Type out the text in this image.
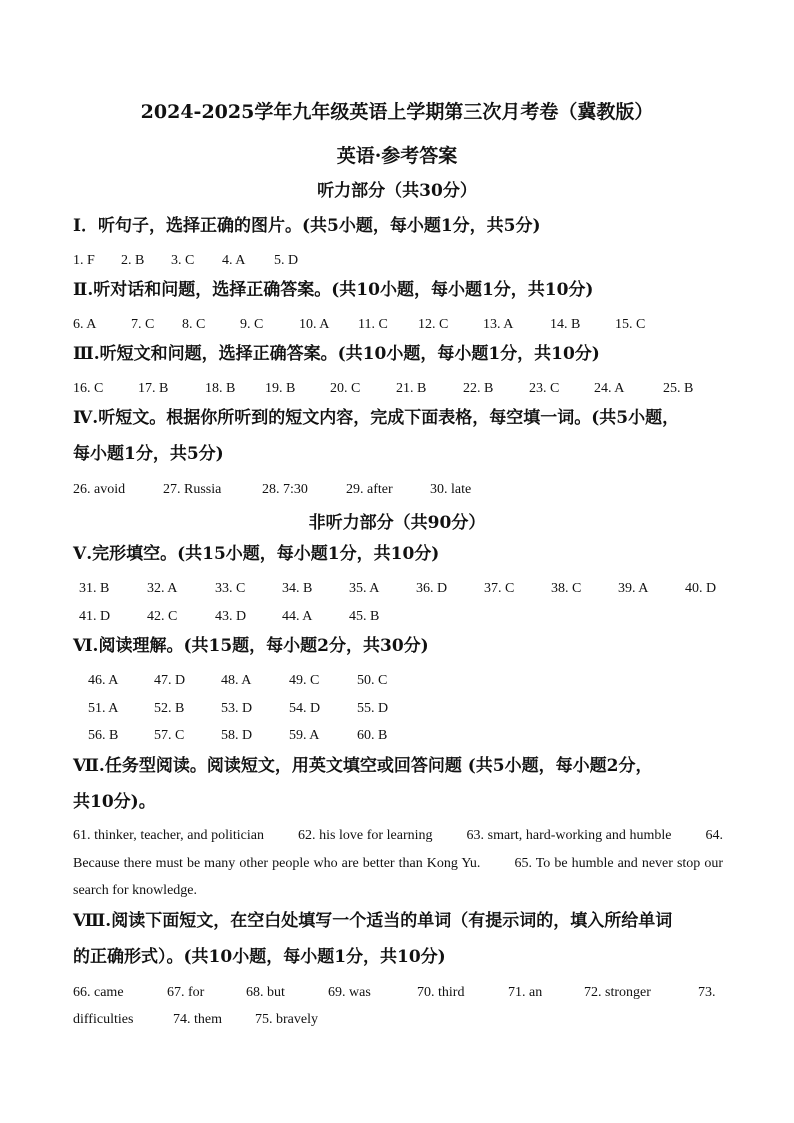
2024-2025学年九年级英语上学期第三次月考卷（冀教版）
英语·参考答案
听力部分（共30分）
Ⅰ．听句子，选择正确的图片。(共5小题，每小题1分，共5分)
1. F 2. B 3. C 4. A 5. D
Ⅱ.听对话和问题，选择正确答案。(共10小题，每小题1分，共10分)
6. A 7. C 8. C 9. C	10. A 11. C 12. C 13. A	14. B 15. C
Ⅲ.听短文和问题，选择正确答案。(共10小题，每小题1分，共10分)
16. C 17. B	18. B 19. B 20. C	21. B	22. B	23. C 24. A	25. B
Ⅳ.听短文。根据你所听到的短文内容，完成下面表格，每空填一词。(共5小题，
每小题1分，共5分)
26. avoid	27. Russia	28. 7:30	29. after	30. late
非听力部分（共90分）
Ⅴ.完形填空。(共15小题，每小题1分，共10分)
31. B	32. A	33. C	34. B	35. A	36. D	37. C	38. C	39. A	40. D
41. D	42. C	43. D	44. A	45. B
Ⅵ.阅读理解。(共15题，每小题2分，共30分)
46. A	47. D	48. A	49. C	50. C
51. A	52. B	53. D	54. D	55. D
56. B	57. C	58. D	59. A	60. B
Ⅶ.任务型阅读。阅读短文，用英文填空或回答问题 (共5小题，每小题2分，
共10分)。
61. thinker, teacher, and politician 62. his love for learning 63. smart, hard-working and humble 64. Because there must be many other people who are better than Kong Yu. 65. To be humble and never stop our search for knowledge.
Ⅷ.阅读下面短文，在空白处填写一个适当的单词（有提示词的，填入所给单词
的正确形式）。(共10小题，每小题1分，共10分)
66. came	67. for	68. but	69. was	70. third	71. an	72. stronger	73.
difficulties	74. them 75. bravely
